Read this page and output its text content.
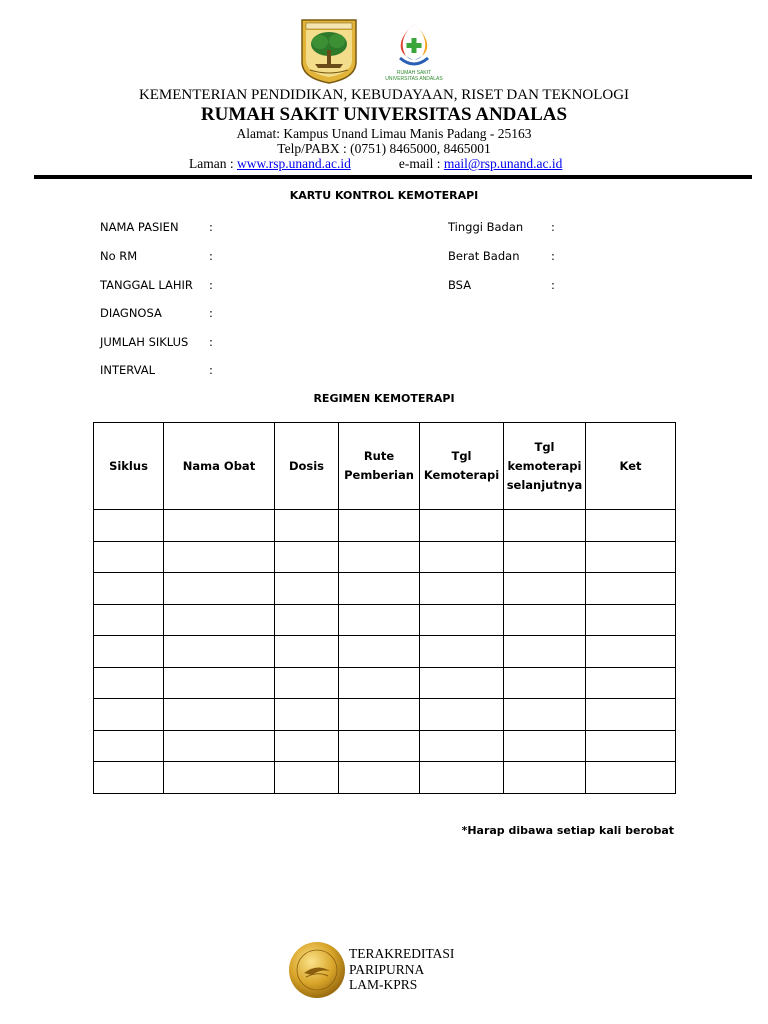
RUMAH SAKIT
UNIVERSITAS ANDALAS
KEMENTERIAN PENDIDIKAN, KEBUDAYAAN, RISET DAN TEKNOLOGI
RUMAH SAKIT UNIVERSITAS ANDALAS
Alamat: Kampus Unand Limau Manis Padang - 25163
Telp/PABX : (0751) 8465000, 8465001
Laman : www.rsp.unand.ac.id	e-mail : mail@rsp.unand.ac.id
KARTU KONTROL KEMOTERAPI
NAMA PASIEN	:
No RM	:
TANGGAL LAHIR :
DIAGNOSA	:
JUMLAH SIKLUS :
INTERVAL	:
Tinggi Badan :
Berat Badan	:
BSA	:
REGIMEN KEMOTERAPI
Siklus	Nama Obat	Dosis	Rute Pemberian	Tgl Kemoterapi	Tgl kemoterapi selanjutnya	Ket

*Harap dibawa setiap kali berobat
TERAKREDITASI
PARIPURNA
LAM-KPRS
